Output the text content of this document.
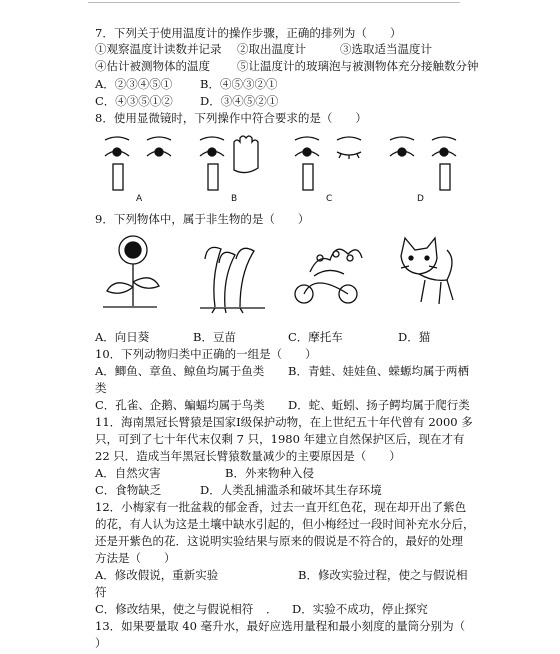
7．下列关于使用温度计的操作步骤，正确的排列为（　　）
①观察温度计读数并记录 ②取出温度计	③选取适当温度计
④估计被测物体的温度 ⑤让温度计的玻璃泡与被测物体充分接触数分钟
A．②③④⑤① B．④⑤③②①
C．④③⑤①② D．③④⑤②①
8．使用显微镜时，下列操作中符合要求的是（　　）
A	B	C	D
9．下列物体中，属于非生物的是（　　）
A．向日葵	B．豆苗	C．摩托车	D．猫
10．下列动物归类中正确的一组是（　　）
A．鲫鱼、章鱼、鲸鱼均属于鱼类 B．青蛙、娃娃鱼、蝾螈均属于两栖
类
C．孔雀、企鹅、蝙蝠均属于鸟类 D．蛇、蚯蚓、扬子鳄均属于爬行类
11．海南黑冠长臂猿是国家Ⅰ级保护动物，在上世纪五十年代曾有 2000 多
只，可到了七十年代末仅剩 7 只，1980 年建立自然保护区后，现在才有
22 只．造成当年黑冠长臂猿数量减少的主要原因是（　　）
A．自然灾害	B．外来物种入侵
C．食物缺乏	D．人类乱捕滥杀和破坏其生存环境
12．小梅家有一批盆栽的郁金香，过去一直开红色花，现在却开出了紫色
的花，有人认为这是土壤中缺水引起的，但小梅经过一段时间补充水分后，
还是开紫色的花．这说明实验结果与原来的假说是不符合的，最好的处理
方法是（　　）
A．修改假说，重新实验	B．修改实验过程，使之与假说相
符
C．修改结果，使之与假说相符 ． D．实验不成功，停止探究
13．如果要量取 40 毫升水，最好应选用量程和最小刻度的量筒分别为（
）
